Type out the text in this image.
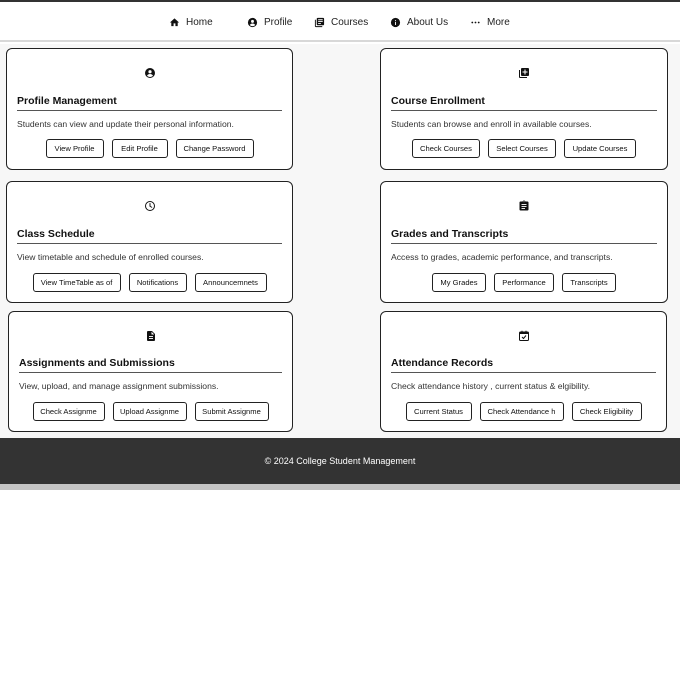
Home	Profile	Courses	About Us	More
Profile Management

Students can view and update their personal information.

View Profile	Edit Profile	Change Password
Course Enrollment

Students can browse and enroll in available courses.

Check Courses	Select Courses	Update Courses
Class Schedule

View timetable and schedule of enrolled courses.

View TimeTable as of	Notifications	Announcemnets
Grades and Transcripts

Access to grades, academic performance, and transcripts.

My Grades	Performance	Transcripts
Assignments and Submissions

View, upload, and manage assignment submissions.

Check Assignme	Upload Assignme	Submit Assignme
Attendance Records

Check attendance history , current status & elgibility.

Current Status	Check Attendance h	Check Eligibility
© 2024 College Student Management
